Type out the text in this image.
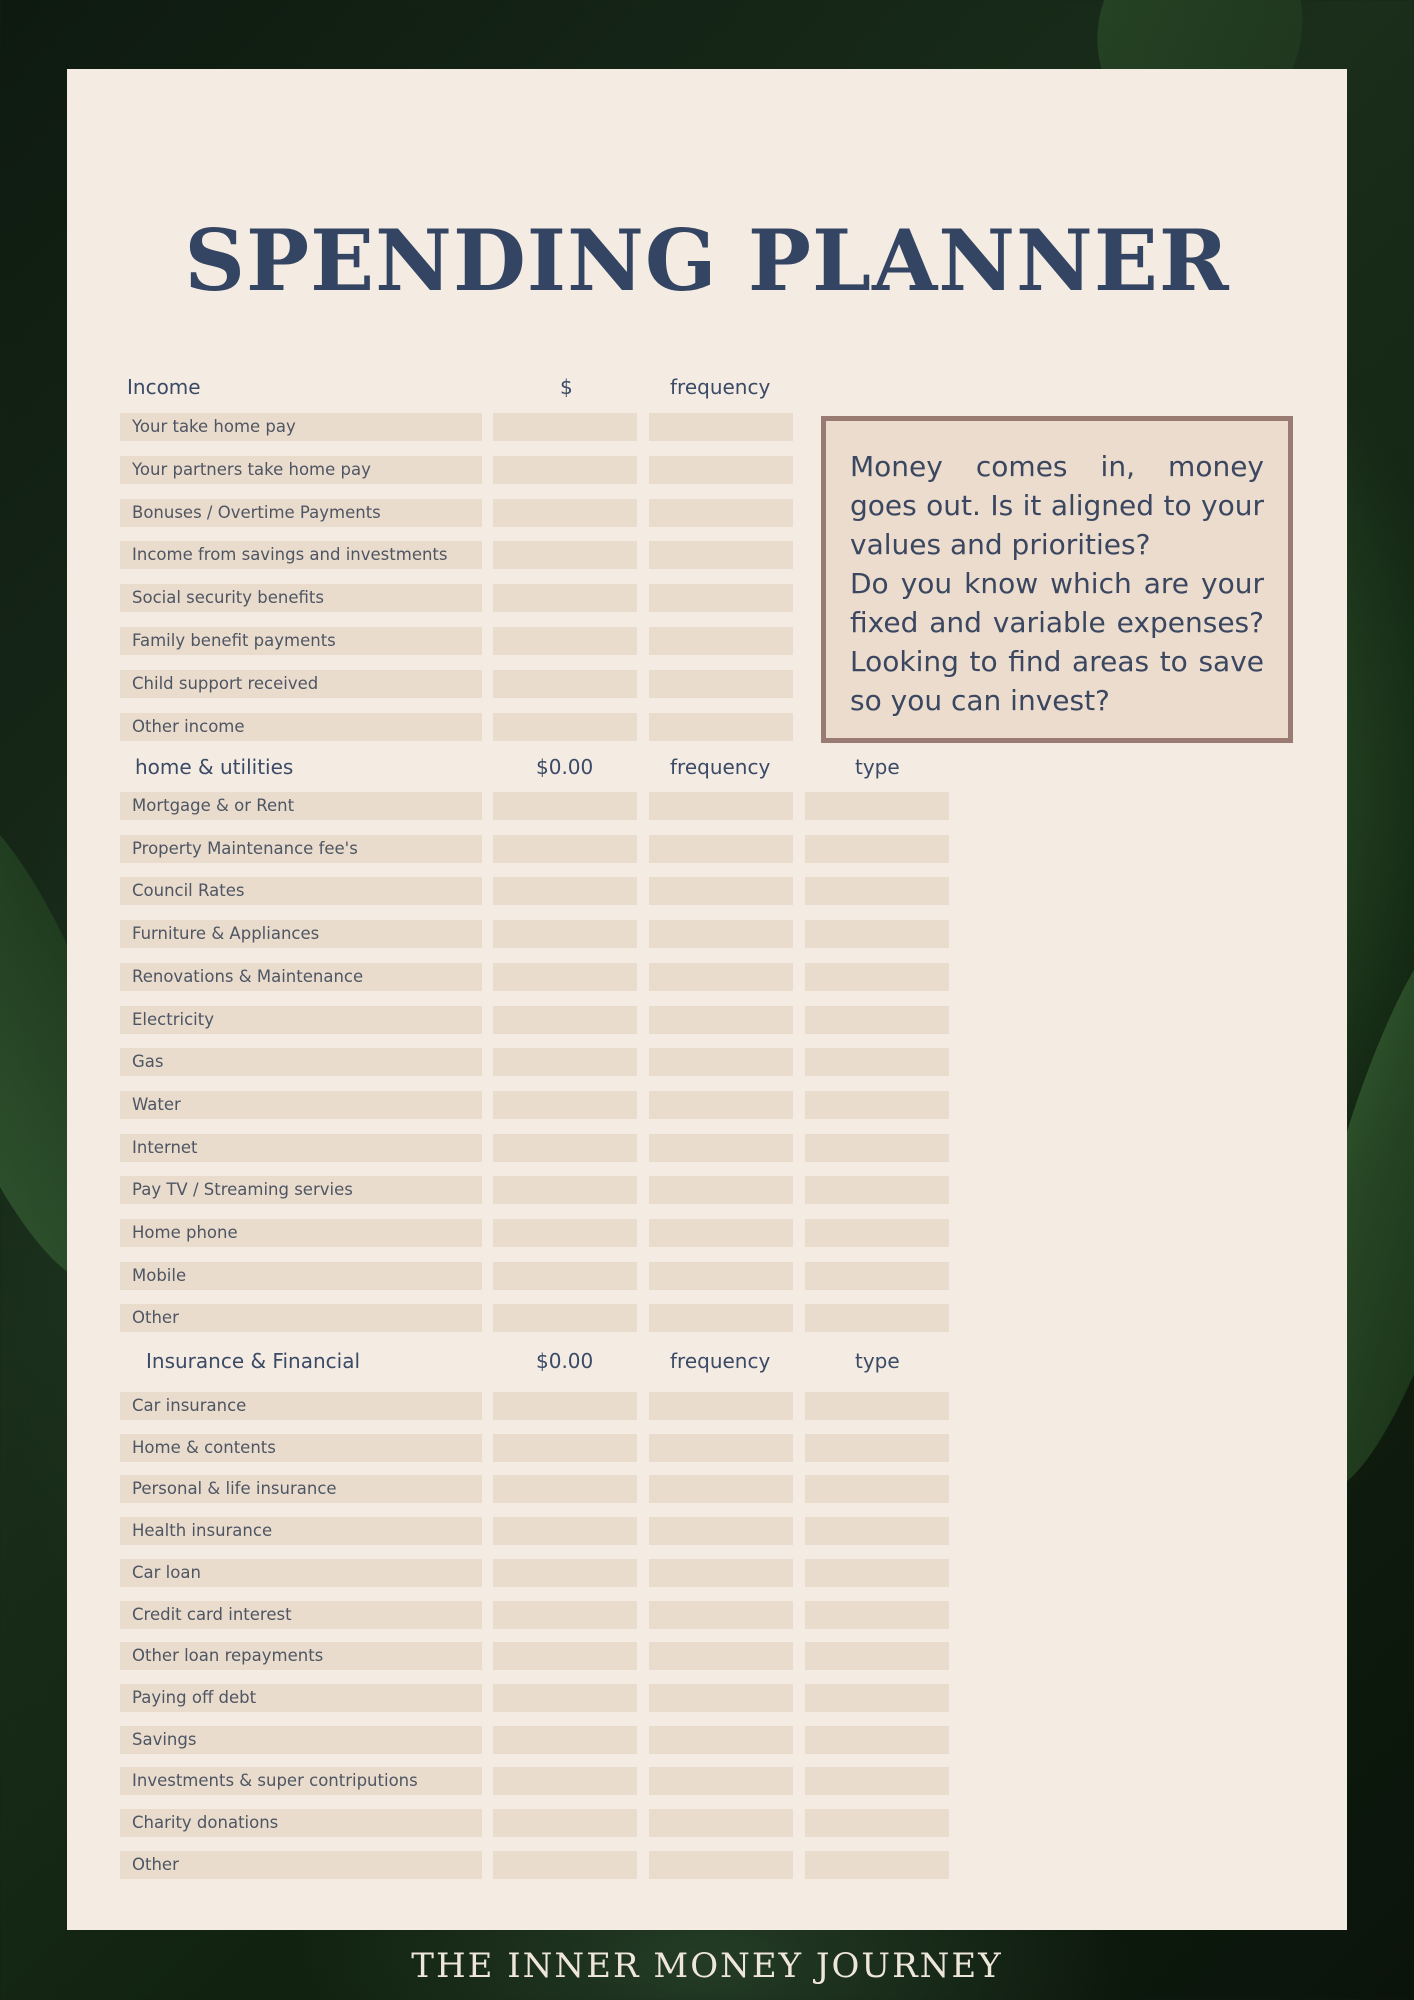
SPENDING PLANNER
Income	$	frequency
Your take home pay
Your partners take home pay
Bonuses / Overtime Payments
Income from savings and investments
Social security benefits
Family benefit payments
Child support received
Other income

Money comes in, money goes out. Is it aligned to your values and priorities?

Do you know which are your fixed and variable expenses? Looking to find areas to save so you can invest?

home & utilities	$0.00	frequency	type
Mortgage & or Rent
Property Maintenance fee's
Council Rates
Furniture & Appliances
Renovations & Maintenance
Electricity
Gas
Water
Internet
Pay TV / Streaming servies
Home phone
Mobile
Other
Insurance & Financial	$0.00	frequency	type
Car insurance
Home & contents
Personal & life insurance
Health insurance
Car loan
Credit card interest
Other loan repayments
Paying off debt
Savings
Investments & super contriputions
Charity donations
Other
THE INNER MONEY JOURNEY
